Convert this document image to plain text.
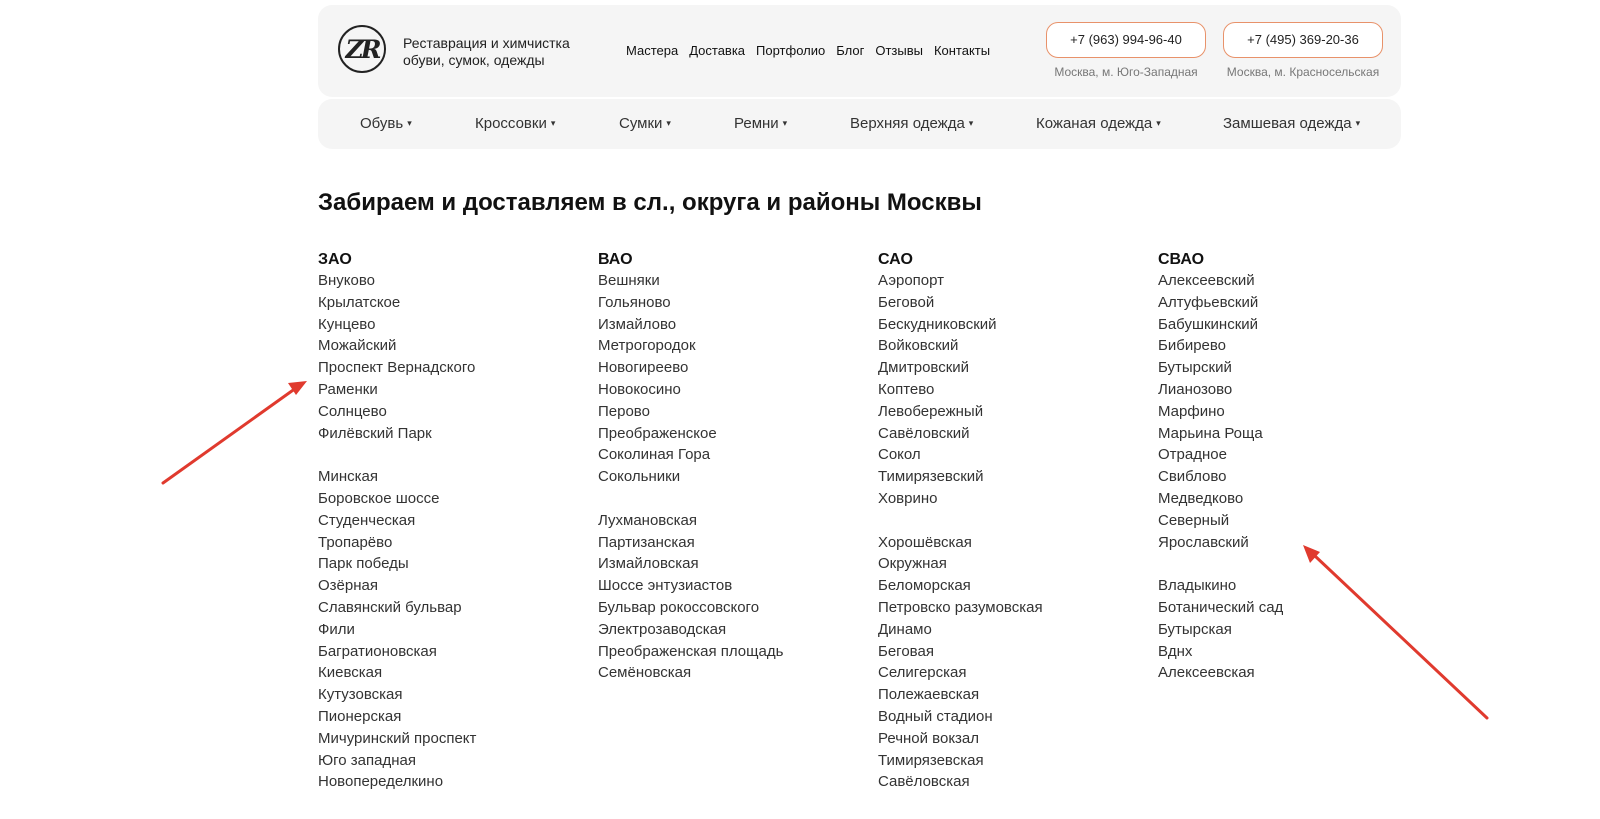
ZR	Реставрация и химчистка
обуви, сумок, одежды
Мастера Доставка Портфолио Блог Отзывы Контакты
+7 (963) 994-96-40
Москва, м. Юго-Западная
+7 (495) 369-20-36
Москва, м. Красносельская
Обувь ▾	Кроссовки ▾	Сумки ▾	Ремни ▾	Верхняя одежда ▾	Кожаная одежда ▾	Замшевая одежда ▾
Забираем и доставляем в сл., округа и районы Москвы
ЗАО
Внуково
Крылатское
Кунцево
Можайский
Проспект Вернадского
Раменки
Солнцево
Филёвский Парк
Минская
Боровское шоссе
Студенческая
Тропарёво
Парк победы
Озёрная
Славянский бульвар
Фили
Багратионовская
Киевская
Кутузовская
Пионерская
Мичуринский проспект
Юго западная
Новопеределкино
ВАО
Вешняки
Гольяново
Измайлово
Метрогородок
Новогиреево
Новокосино
Перово
Преображенское
Соколиная Гора
Сокольники
Лухмановская
Партизанская
Измайловская
Шоссе энтузиастов
Бульвар рокоссовского
Электрозаводская
Преображенская площадь
Семёновская
САО
Аэропорт
Беговой
Бескудниковский
Войковский
Дмитровский
Коптево
Левобережный
Савёловский
Сокол
Тимирязевский
Ховрино
Хорошёвская
Окружная
Беломорская
Петровско разумовская
Динамо
Беговая
Селигерская
Полежаевская
Водный стадион
Речной вокзал
Тимирязевская
Савёловская
СВАО
Алексеевский
Алтуфьевский
Бабушкинский
Бибирево
Бутырский
Лианозово
Марфино
Марьина Роща
Отрадное
Свиблово
Медведково
Северный
Ярославский
Владыкино
Ботанический сад
Бутырская
Вднх
Алексеевская
